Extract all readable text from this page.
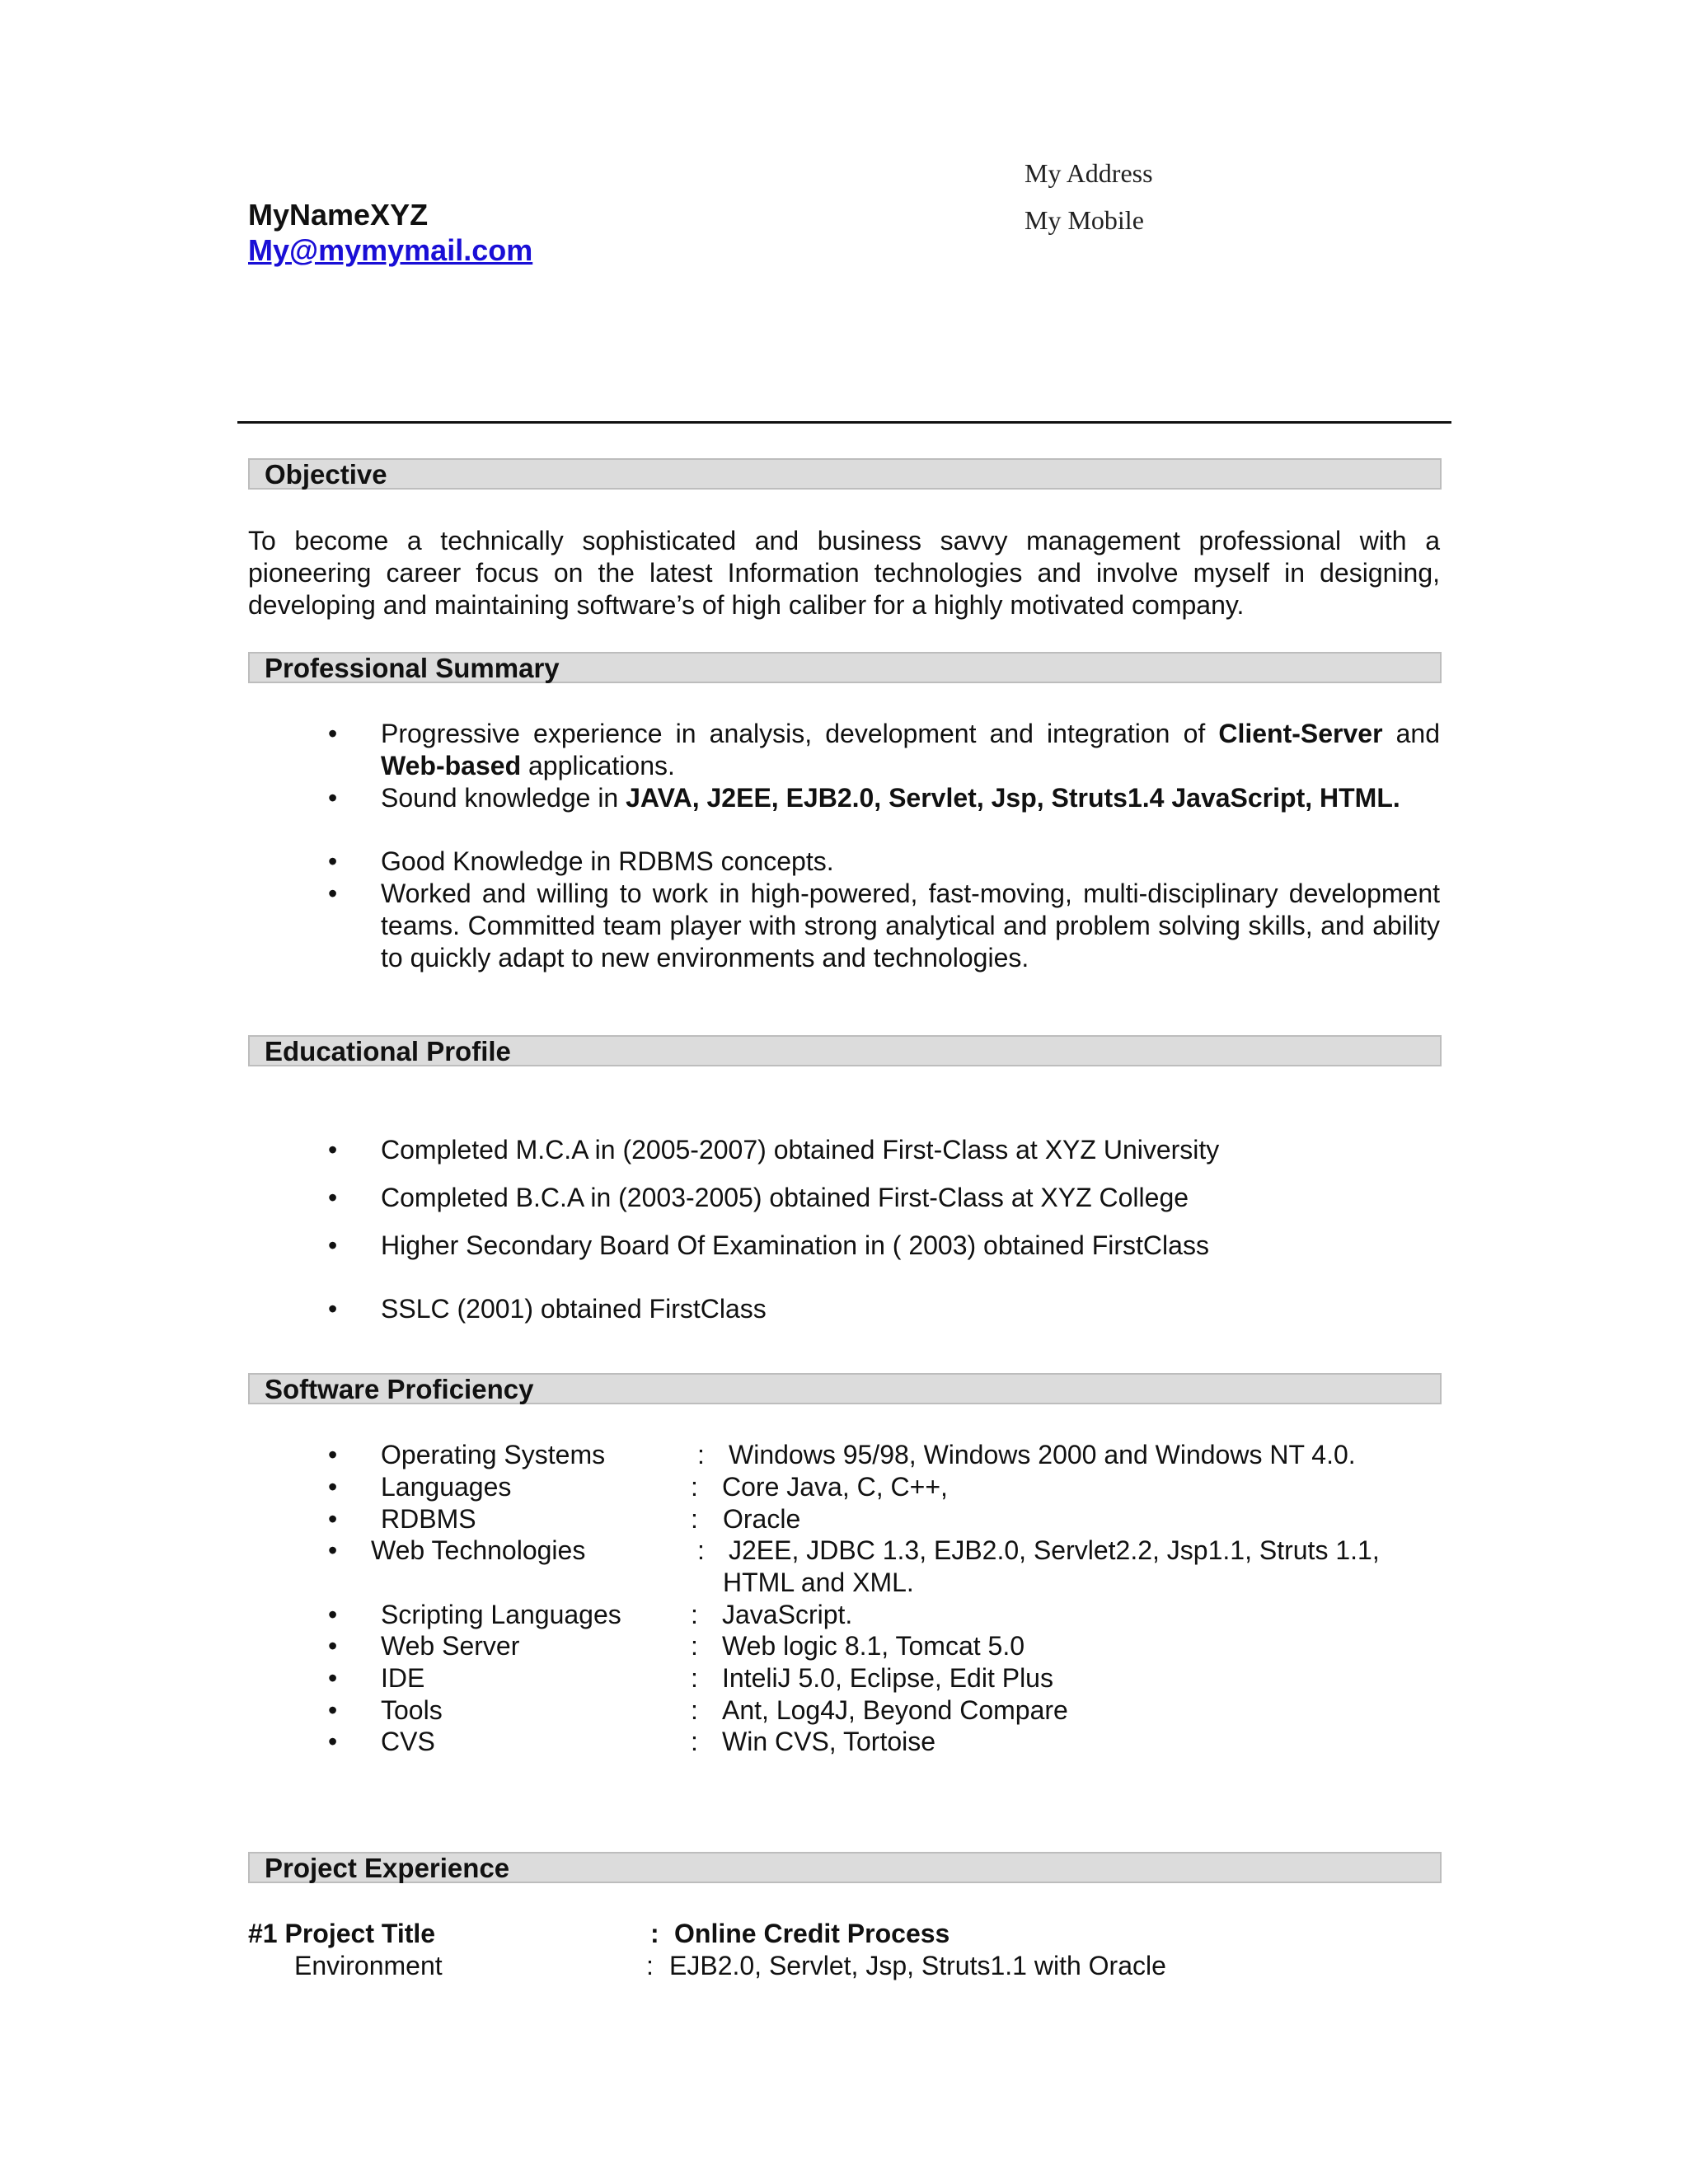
MyNameXYZ
My@mymymail.com
My Address
My Mobile
Objective
To become a technically sophisticated and business savvy management professional with a pioneering career focus on the latest Information technologies and involve myself in designing, developing and maintaining software’s of high caliber for a highly motivated company.
Professional Summary
• Progressive experience in analysis, development and integration of Client-Server and Web-based applications.
• Sound knowledge in JAVA, J2EE, EJB2.0, Servlet, Jsp, Struts1.4 JavaScript, HTML.
• Good Knowledge in RDBMS concepts.
• Worked and willing to work in high-powered, fast-moving, multi-disciplinary development teams. Committed team player with strong analytical and problem solving skills, and ability to quickly adapt to new environments and technologies.
Educational Profile
• Completed M.C.A in (2005-2007) obtained First-Class at XYZ University
• Completed B.C.A in (2003-2005) obtained First-Class at XYZ College
• Higher Secondary Board Of Examination in ( 2003) obtained FirstClass
• SSLC (2001) obtained FirstClass
Software Proficiency
• Operating Systems	: Windows 95/98, Windows 2000 and Windows NT 4.0.
• Languages	: Core Java, C, C++,
• RDBMS	: Oracle
• Web Technologies	: J2EE, JDBC 1.3, EJB2.0, Servlet2.2, Jsp1.1, Struts 1.1,
HTML and XML.
• Scripting Languages	: JavaScript.
• Web Server	: Web logic 8.1, Tomcat 5.0
• IDE	: InteliJ 5.0, Eclipse, Edit Plus
• Tools	: Ant, Log4J, Beyond Compare
• CVS	: Win CVS, Tortoise
Project Experience
#1 Project Title	: Online Credit Process
Environment	: EJB2.0, Servlet, Jsp, Struts1.1 with Oracle
